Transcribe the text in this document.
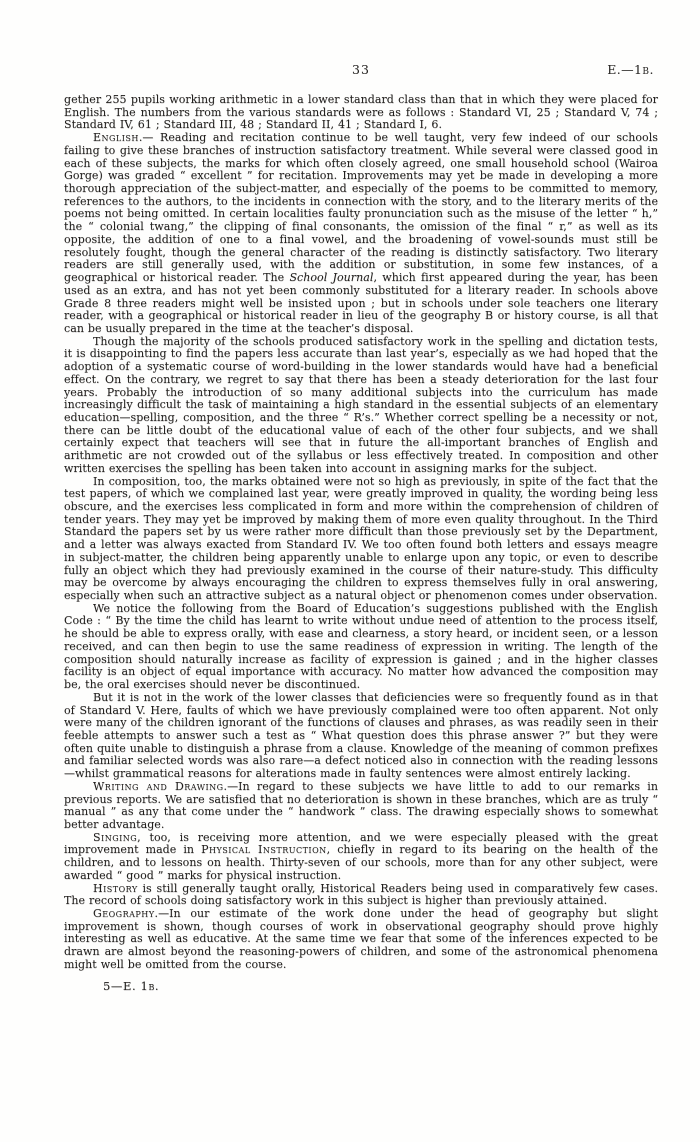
33	E.—1b.

gether 255 pupils working arithmetic in a lower standard class than that in which they were placed for English. The numbers from the various standards were as follows : Standard VI, 25 ; Standard V, 74 ; Standard IV, 61 ; Standard III, 48 ; Standard II, 41 ; Standard I, 6.

English.— Reading and recitation continue to be well taught, very few indeed of our schools failing to give these branches of instruction satisfactory treatment. While several were classed good in each of these subjects, the marks for which often closely agreed, one small household school (Wairoa Gorge) was graded “ excellent ” for recitation. Improvements may yet be made in developing a more thorough appreciation of the subject-matter, and especially of the poems to be committed to memory, references to the authors, to the incidents in connection with the story, and to the literary merits of the poems not being omitted. In certain localities faulty pronunciation such as the misuse of the letter “ h,” the “ colonial twang,” the clipping of final consonants, the omission of the final “ r,” as well as its opposite, the addition of one to a final vowel, and the broadening of vowel-sounds must still be resolutely fought, though the general character of the reading is distinctly satisfactory. Two literary readers are still generally used, with the addition or substitution, in some few instances, of a geographical or historical reader. The School Journal, which first appeared during the year, has been used as an extra, and has not yet been commonly substituted for a literary reader. In schools above Grade 8 three readers might well be insisted upon ; but in schools under sole teachers one literary reader, with a geographical or historical reader in lieu of the geography B or history course, is all that can be usually prepared in the time at the teacher’s disposal.

Though the majority of the schools produced satisfactory work in the spelling and dictation tests, it is disappointing to find the papers less accurate than last year’s, especially as we had hoped that the adoption of a systematic course of word-building in the lower standards would have had a beneficial effect. On the contrary, we regret to say that there has been a steady deterioration for the last four years. Probably the introduction of so many additional subjects into the curriculum has made increasingly difficult the task of maintaining a high standard in the essential subjects of an elementary education—spelling, composition, and the three “ R’s.” Whether correct spelling be a necessity or not, there can be little doubt of the educational value of each of the other four subjects, and we shall certainly expect that teachers will see that in future the all-important branches of English and arithmetic are not crowded out of the syllabus or less effectively treated. In composition and other written exercises the spelling has been taken into account in assigning marks for the subject.

In composition, too, the marks obtained were not so high as previously, in spite of the fact that the test papers, of which we complained last year, were greatly improved in quality, the wording being less obscure, and the exercises less complicated in form and more within the comprehension of children of tender years. They may yet be improved by making them of more even quality throughout. In the Third Standard the papers set by us were rather more difficult than those previously set by the Department, and a letter was always exacted from Standard IV. We too often found both letters and essays meagre in subject-matter, the children being apparently unable to enlarge upon any topic, or even to describe fully an object which they had previously examined in the course of their nature-study. This difficulty may be overcome by always encouraging the children to express themselves fully in oral answering, especially when such an attractive subject as a natural object or phenomenon comes under observation.

We notice the following from the Board of Education’s suggestions published with the English Code : “ By the time the child has learnt to write without undue need of attention to the process itself, he should be able to express orally, with ease and clearness, a story heard, or incident seen, or a lesson received, and can then begin to use the same readiness of expression in writing. The length of the composition should naturally increase as facility of expression is gained ; and in the higher classes facility is an object of equal importance with accuracy. No matter how advanced the composition may be, the oral exercises should never be discontinued.

But it is not in the work of the lower classes that deficiencies were so frequently found as in that of Standard V. Here, faults of which we have previously complained were too often apparent. Not only were many of the children ignorant of the functions of clauses and phrases, as was readily seen in their feeble attempts to answer such a test as “ What question does this phrase answer ?” but they were often quite unable to distinguish a phrase from a clause. Knowledge of the meaning of common prefixes and familiar selected words was also rare—a defect noticed also in connection with the reading lessons—whilst grammatical reasons for alterations made in faulty sentences were almost entirely lacking.

Writing and Drawing.—In regard to these subjects we have little to add to our remarks in previous reports. We are satisfied that no deterioration is shown in these branches, which are as truly “ manual ” as any that come under the “ handwork ” class. The drawing especially shows to somewhat better advantage.

Singing, too, is receiving more attention, and we were especially pleased with the great improvement made in Physical Instruction, chiefly in regard to its bearing on the health of the children, and to lessons on health. Thirty-seven of our schools, more than for any other subject, were awarded “ good ” marks for physical instruction.

History is still generally taught orally, Historical Readers being used in comparatively few cases. The record of schools doing satisfactory work in this subject is higher than previously attained.

Geography.—In our estimate of the work done under the head of geography but slight improvement is shown, though courses of work in observational geography should prove highly interesting as well as educative. At the same time we fear that some of the inferences expected to be drawn are almost beyond the reasoning-powers of children, and some of the astronomical phenomena might well be omitted from the course.

5—E. 1b.
